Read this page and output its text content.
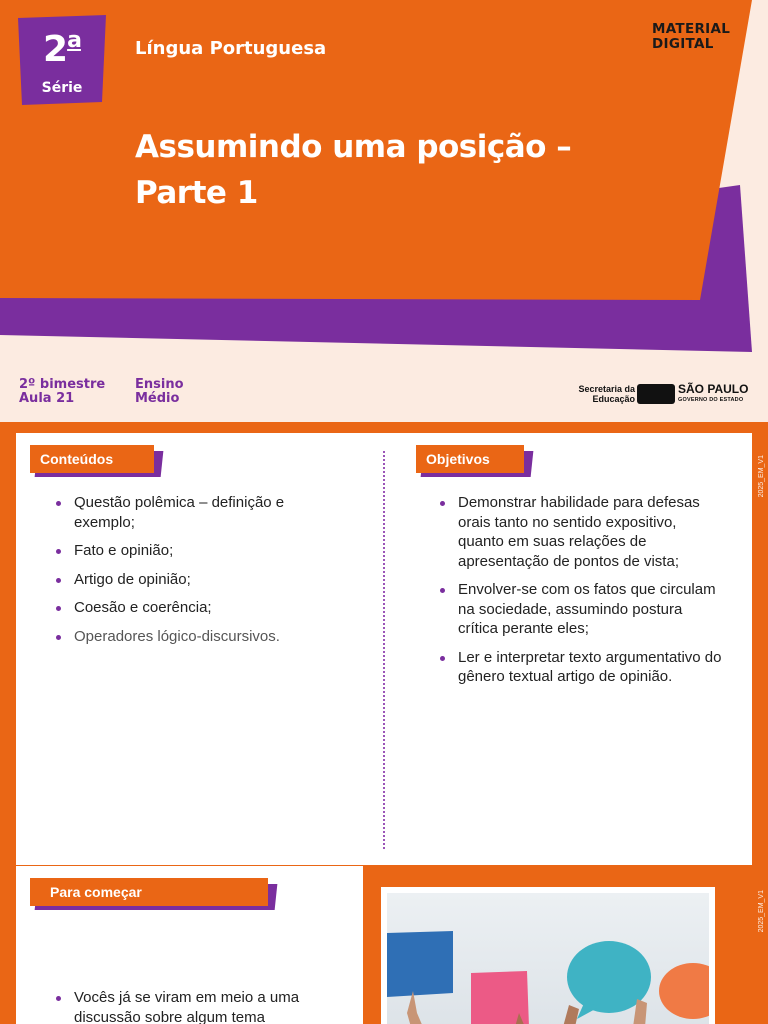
2$^a$
Série
Língua Portuguesa
Assumindo uma posição –
Parte 1
MATERIAL
DIGITAL
2º bimestre
Aula 21
Ensino
Médio
Secretaria da
Educação
SÃO PAULO
GOVERNO DO ESTADO
Conteúdos	Objetivos
Questão polêmica – definição e exemplo;
Fato e opinião;
Artigo de opinião;
Coesão e coerência;
Operadores lógico-discursivos.
Demonstrar habilidade para defesas orais tanto no sentido expositivo, quanto em suas relações de apresentação de pontos de vista;
Envolver-se com os fatos que circulam na sociedade, assumindo postura crítica perante eles;
Ler e interpretar texto argumentativo do gênero textual artigo de opinião.
2025_EM_V1
Para começar
Vocês já se viram em meio a uma discussão sobre algum tema
2025_EM_V1
